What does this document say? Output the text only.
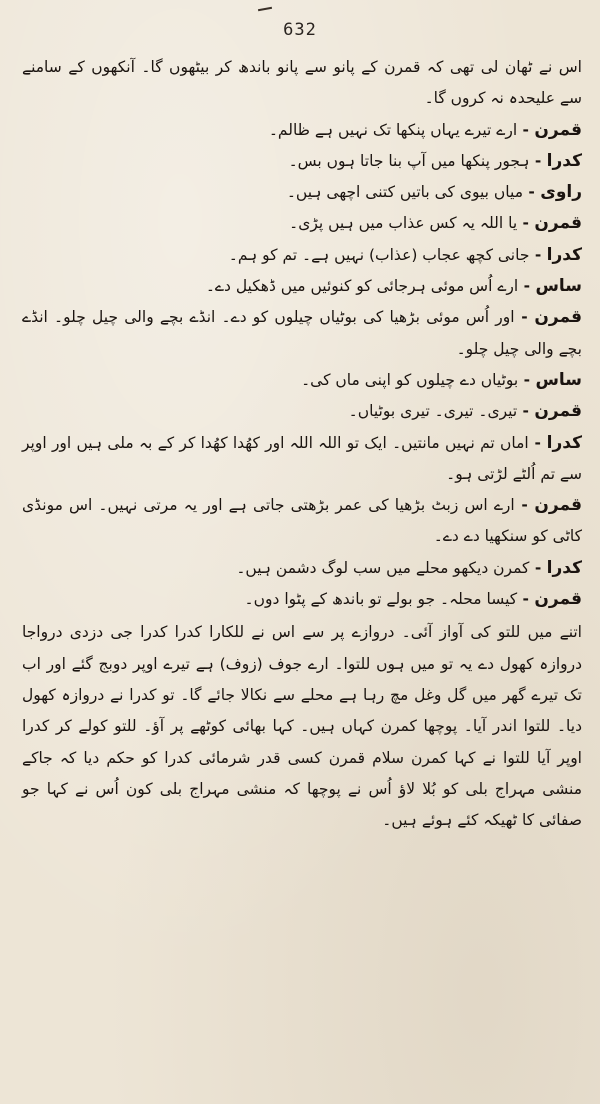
632

اس نے ٹھان لی تھی کہ قمرن کے پانو سے پانو باندھ کر بیٹھوں گا۔ آنکھوں کے سامنے سے علیحدہ نہ کروں گا۔

قمرن - ارے تیرے یہاں پنکھا تک نہیں ہے ظالم۔

کدرا - ہجور پنکھا میں آپ بنا جاتا ہوں بس۔

راوی - میاں بیوی کی باتیں کتنی اچھی ہیں۔

قمرن - یا اللہ یہ کس عذاب میں ہیں پڑی۔

کدرا - جانی کچھ عجاب (عذاب) نہیں ہے۔ تم کو ہم۔

ساس - ارے اُس موئی ہرجائی کو کنوئیں میں ڈھکیل دے۔

قمرن - اور اُس موئی بڑھیا کی بوٹیاں چیلوں کو دے۔ انڈے بچے والی چیل چلو۔ انڈے بچے والی چیل چلو۔

ساس - بوٹیاں دے چیلوں کو اپنی ماں کی۔

قمرن - تیری۔ تیری۔ تیری بوٹیاں۔

کدرا - اماں تم نہیں مانتیں۔ ایک تو اللہ اللہ اور کھُدا کھُدا کر کے بہ ملی ہیں اور اوپر سے تم اُلٹے لڑتی ہو۔

قمرن - ارے اس زبٹ بڑھیا کی عمر بڑھتی جاتی ہے اور یہ مرتی نہیں۔ اس مونڈی کاٹی کو سنکھیا دے دے۔

کدرا - کمرن دیکھو محلے میں سب لوگ دشمن ہیں۔

قمرن - کیسا محلہ۔ جو بولے تو باندھ کے پٹوا دوں۔

اتنے میں للتو کی آواز آئی۔ دروازے پر سے اس نے للکارا کدرا کدرا جی دزدی درواجا دروازہ کھول دے یہ تو میں ہوں للتوا۔ ارے جوف (زوف) ہے تیرے اوپر دوبج گئے اور اب تک تیرے گھر میں گل وغل مچ رہا ہے محلے سے نکالا جائے گا۔ تو کدرا نے دروازہ کھول دیا۔ للتوا اندر آیا۔ پوچھا کمرن کہاں ہیں۔ کہا بھائی کوٹھے پر آؤ۔ للتو کولے کر کدرا اوپر آیا للتوا نے کہا کمرن سلام قمرن کسی قدر شرمائی کدرا کو حکم دیا کہ جاکے منشی مہراج بلی کو بُلا لاؤ اُس نے پوچھا کہ منشی مہراج بلی کون اُس نے کہا جو صفائی کا ٹھیکہ کئے ہوئے ہیں۔
